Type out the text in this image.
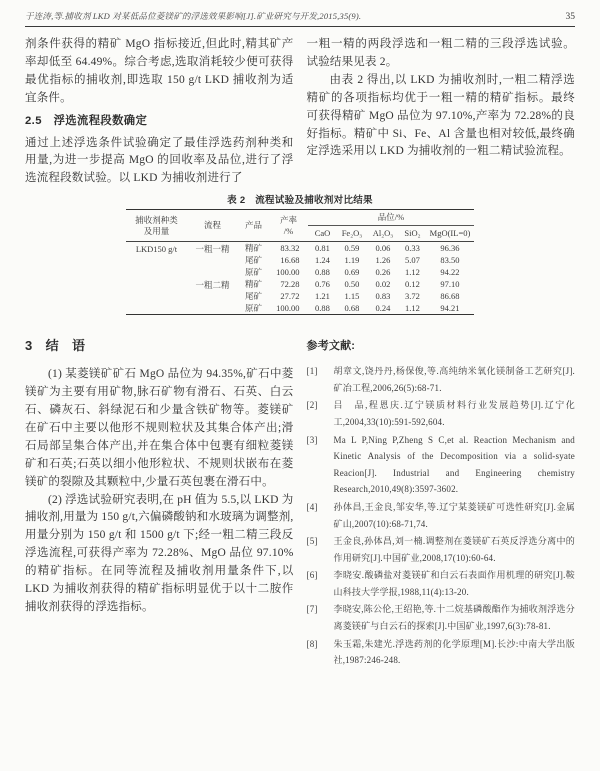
于连涛,等.捕收剂 LKD 对某低品位菱镁矿的浮选效果影响[J].矿业研究与开发,2015,35(9).	35

剂条件获得的精矿 MgO 指标接近,但此时,精其矿产率却低至 64.49%。综合考虑,选取消耗较少便可获得最优指标的捕收剂,即选取 150 g/t LKD 捕收剂为适宜条件。

2.5　浮选流程段数确定

通过上述浮选条件试验确定了最佳浮选药剂种类和用量,为进一步提高 MgO 的回收率及品位,进行了浮选流程段数试验。以 LKD 为捕收剂进行了

一粗一精的两段浮选和一粗二精的三段浮选试验。试验结果见表 2。

由表 2 得出,以 LKD 为捕收剂时,一粗二精浮选精矿的各项指标均优于一粗一精的精矿指标。最终可获得精矿 MgO 品位为 97.10%,产率为 72.28%的良好指标。精矿中 Si、Fe、Al 含量也相对较低,最终确定浮选采用以 LKD 为捕收剂的一粗二精试验流程。

表 2　流程试验及捕收剂对比结果
捕收剂种类
及用量	流程	产品	产率
/%	品位/%				
				CaO	Fe₂O₃	Al₂O₃	SiO₂	MgO(IL=0)
LKD150 g/t	一粗一精	精矿	83.32	0.81	0.59	0.06	0.33	96.36
		尾矿	16.68	1.24	1.19	1.26	5.07	83.50
		原矿	100.00	0.88	0.69	0.26	1.12	94.22
	一粗二精	精矿	72.28	0.76	0.50	0.02	0.12	97.10
		尾矿	27.72	1.21	1.15	0.83	3.72	86.68
		原矿	100.00	0.88	0.68	0.24	1.12	94.21
3　结　语

(1) 某菱镁矿矿石 MgO 品位为 94.35%,矿石中菱镁矿为主要有用矿物,脉石矿物有滑石、石英、白云石、磷灰石、斜绿泥石和少量含铁矿物等。菱镁矿在矿石中主要以他形不规则粒状及其集合体产出;滑石局部呈集合体产出,并在集合体中包裹有细粒菱镁矿和石英;石英以细小他形粒状、不规则状嵌布在菱镁矿的裂隙及其颗粒中,少量石英包裹在滑石中。

(2) 浮选试验研究表明,在 pH 值为 5.5,以 LKD 为捕收剂,用量为 150 g/t,六偏磷酸钠和水玻璃为调整剂,用量分别为 150 g/t 和 1500 g/t 下;经一粗二精三段反浮选流程,可获得产率为 72.28%、MgO 品位 97.10%的精矿指标。在同等流程及捕收剂用量条件下,以 LKD 为捕收剂获得的精矿指标明显优于以十二胺作捕收剂获得的浮选指标。

参考文献:
[1]	胡章文,饶丹丹,杨保俊,等.高纯纳米氧化镁制备工艺研究[J].矿冶工程,2006,26(5):68-71.
[2]	吕　品,程恩庆.辽宁镁质材料行业发展趋势[J].辽宁化工,2004,33(10):591-592,604.
[3]	Ma L P,Ning P,Zheng S C,et al. Reaction Mechanism and Kinetic Analysis of the Decomposition via a solid-syate Reacion[J]. Industrial and Engineering chemistry Research,2010,49(8):3597-3602.
[4]	孙体昌,王金良,邹安华,等.辽宁某菱镁矿可选性研究[J].金属矿山,2007(10):68-71,74.
[5]	王金良,孙体昌,刘一楠.调整剂在菱镁矿石英反浮选分离中的作用研究[J].中国矿业,2008,17(10):60-64.
[6]	李晓安.酸磷盐对菱镁矿和白云石表面作用机理的研究[J].鞍山科技大学学报,1988,11(4):13-20.
[7]	李晓安,陈公伦,王绍艳,等.十二烷基磷酸酯作为捕收剂浮选分离菱镁矿与白云石的探索[J].中国矿业,1997,6(3):78-81.
[8]	朱玉霜,朱建光.浮选药剂的化学原理[M].长沙:中南大学出版社,1987:246-248.
